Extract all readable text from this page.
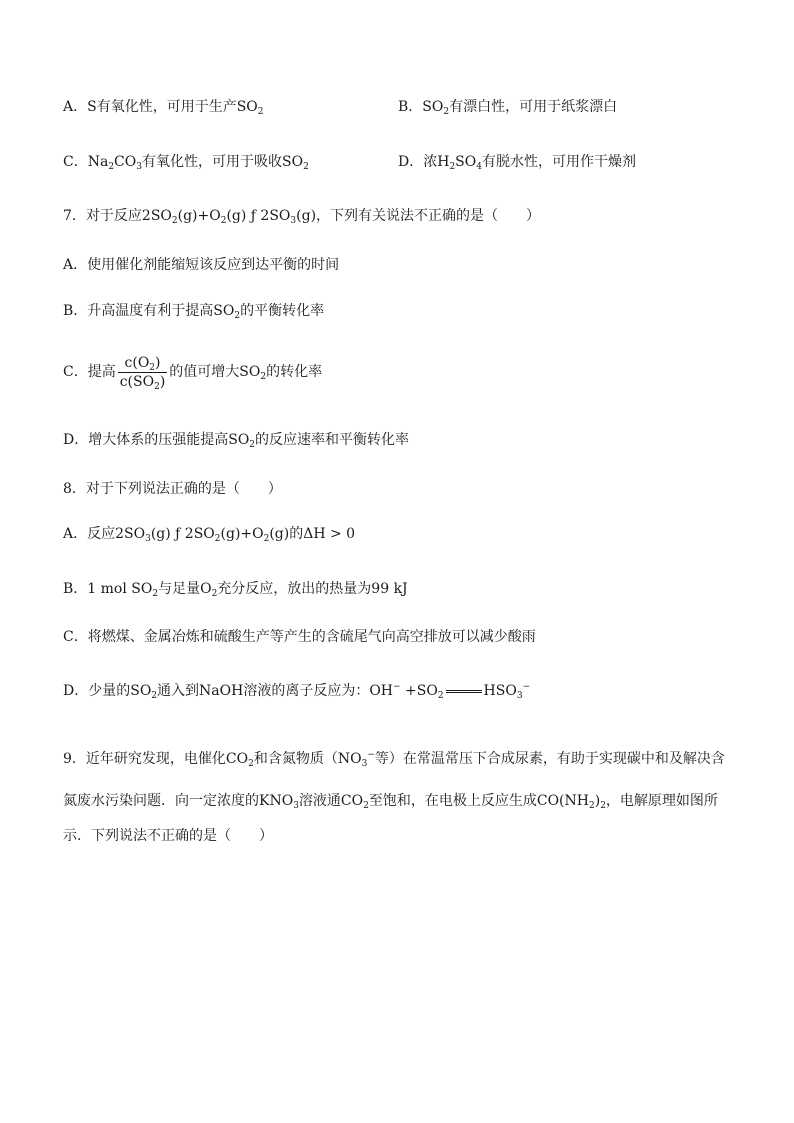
A．S有氧化性，可用于生产$SO_2$	B．$SO_2$有漂白性，可用于纸浆漂白
C．$Na_2CO_3$有氧化性，可用于吸收$SO_2$	D．浓$H_2SO_4$有脱水性，可用作干燥剂
7．对于反应$2SO_2(g)+O_2(g)$ ƒ $2SO_3(g)$，下列有关说法不正确的是（　　）
A．使用催化剂能缩短该反应到达平衡的时间
B．升高温度有利于提高$SO_2$的平衡转化率
C．提高 $\frac{c(O_2)}{c(SO_2)}$ 的值可增大$SO_2$的转化率
D．增大体系的压强能提高$SO_2$的反应速率和平衡转化率
8．对于下列说法正确的是（　　）
A．反应$2SO_3(g)$ ƒ $2SO_2(g)+O_2(g)$的ΔH > 0
B．1 mol $SO_2$与足量$O_2$充分反应，放出的热量为99 kJ
C．将燃煤、金属冶炼和硫酸生产等产生的含硫尾气向高空排放可以减少酸雨
D．少量的$SO_2$通入到NaOH溶液的离子反应为：$OH^- +SO_2$	$HSO_3^-$
9．近年研究发现，电催化$CO_2$和含氮物质（$NO_3^-$等）在常温常压下合成尿素，有助于实现碳中和及解决含
氮废水污染问题．向一定浓度的$KNO_3$溶液通$CO_2$至饱和，在电极上反应生成$CO(NH_2)_2$，电解原理如图所
示．下列说法不正确的是（　　）
